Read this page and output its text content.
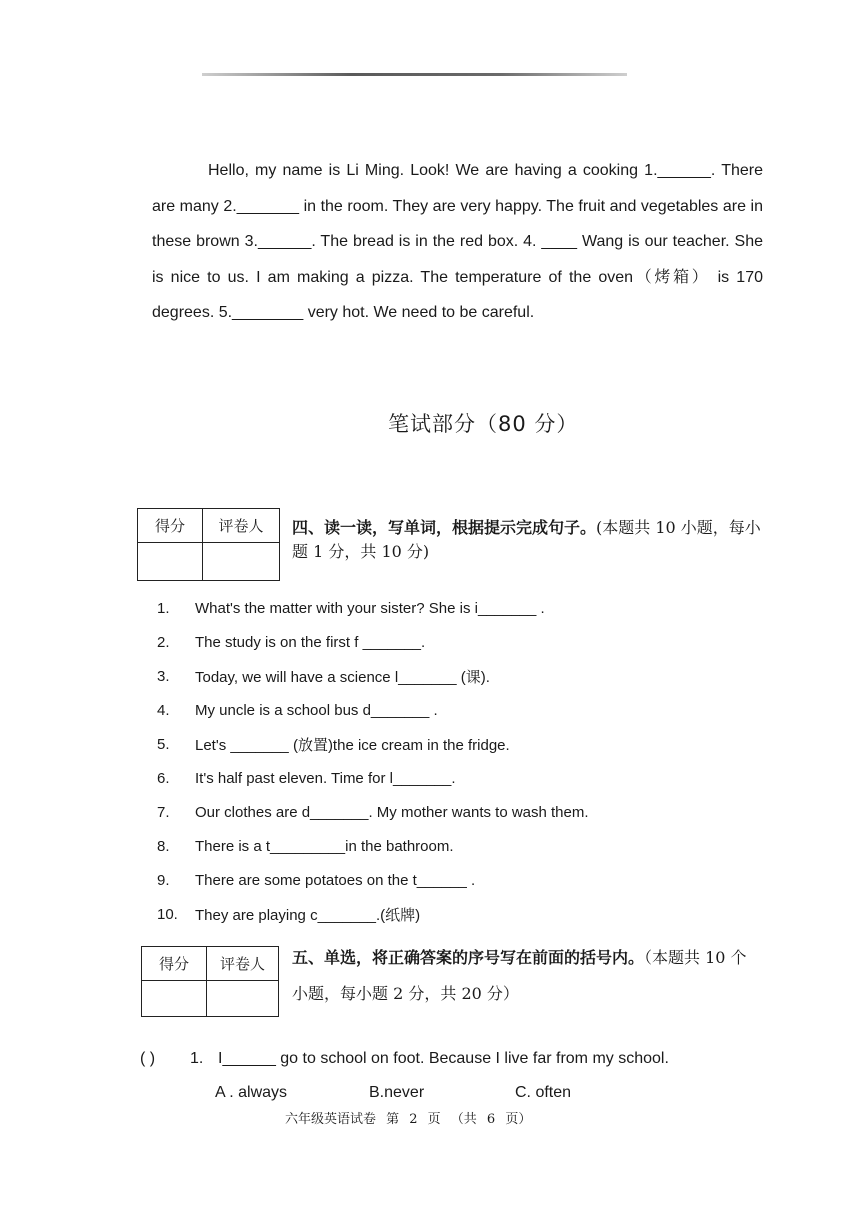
Hello, my name is Li Ming. Look! We are having a cooking 1.______. There are many 2._______ in the room. They are very happy. The fruit and vegetables are in these brown 3.______. The bread is in the red box. 4. ____ Wang is our teacher. She is nice to us. I am making a pizza. The temperature of the oven（烤箱） is 170 degrees. 5.________ very hot. We need to be careful.

笔试部分（80 分）
得分	评卷人
	四、读一读，写单词，根据提示完成句子。(本题共 10 小题，每小题 1 分，共 10 分)
1.	What's the matter with your sister? She is i_______ .
2.	The study is on the first f _______.
3.	Today, we will have a science l_______ (课).
4.	My uncle is a school bus d_______ .
5.	Let's _______ (放置)the ice cream in the fridge.
6.	It's half past eleven. Time for l_______.
7.	Our clothes are d_______. My mother wants to wash them.
8.	There is a t_________in the bathroom.
9.	There are some potatoes on the t______ .
10.	They are playing c_______.(纸牌)
得分	评卷人
	五、单选，将正确答案的序号写在前面的括号内。（本题共 10 个小题，每小题 2 分，共 20 分）
( ) 1. I______ go to school on foot. Because I live far from my school.
A . always	B.never	C. often
六年级英语试卷 第 2 页 （共 6 页）
